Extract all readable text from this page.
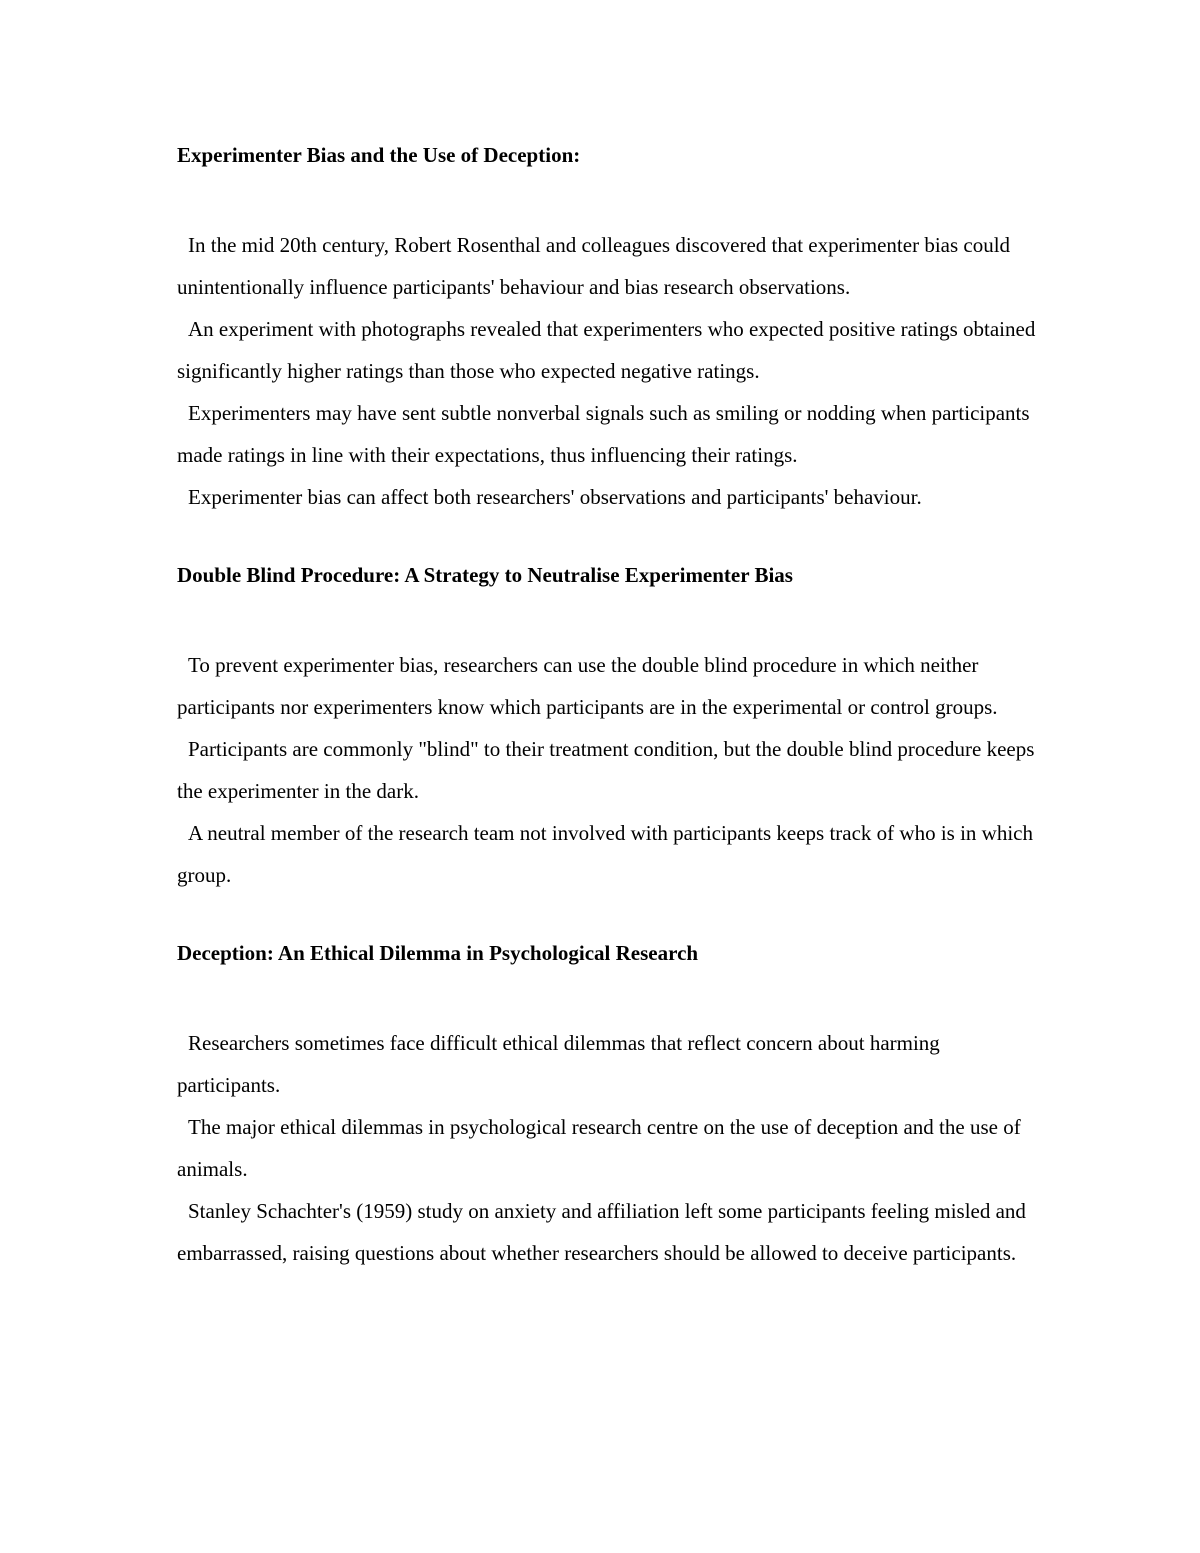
Experimenter Bias and the Use of Deception:

In the mid 20th century, Robert Rosenthal and colleagues discovered that experimenter bias could unintentionally influence participants' behaviour and bias research observations.

An experiment with photographs revealed that experimenters who expected positive ratings obtained significantly higher ratings than those who expected negative ratings.

Experimenters may have sent subtle nonverbal signals such as smiling or nodding when participants made ratings in line with their expectations, thus influencing their ratings.

Experimenter bias can affect both researchers' observations and participants' behaviour.

Double Blind Procedure: A Strategy to Neutralise Experimenter Bias

To prevent experimenter bias, researchers can use the double blind procedure in which neither participants nor experimenters know which participants are in the experimental or control groups.

Participants are commonly "blind" to their treatment condition, but the double blind procedure keeps the experimenter in the dark.

A neutral member of the research team not involved with participants keeps track of who is in which group.

Deception: An Ethical Dilemma in Psychological Research

Researchers sometimes face difficult ethical dilemmas that reflect concern about harming participants.

The major ethical dilemmas in psychological research centre on the use of deception and the use of animals.

Stanley Schachter's (1959) study on anxiety and affiliation left some participants feeling misled and embarrassed, raising questions about whether researchers should be allowed to deceive participants.
